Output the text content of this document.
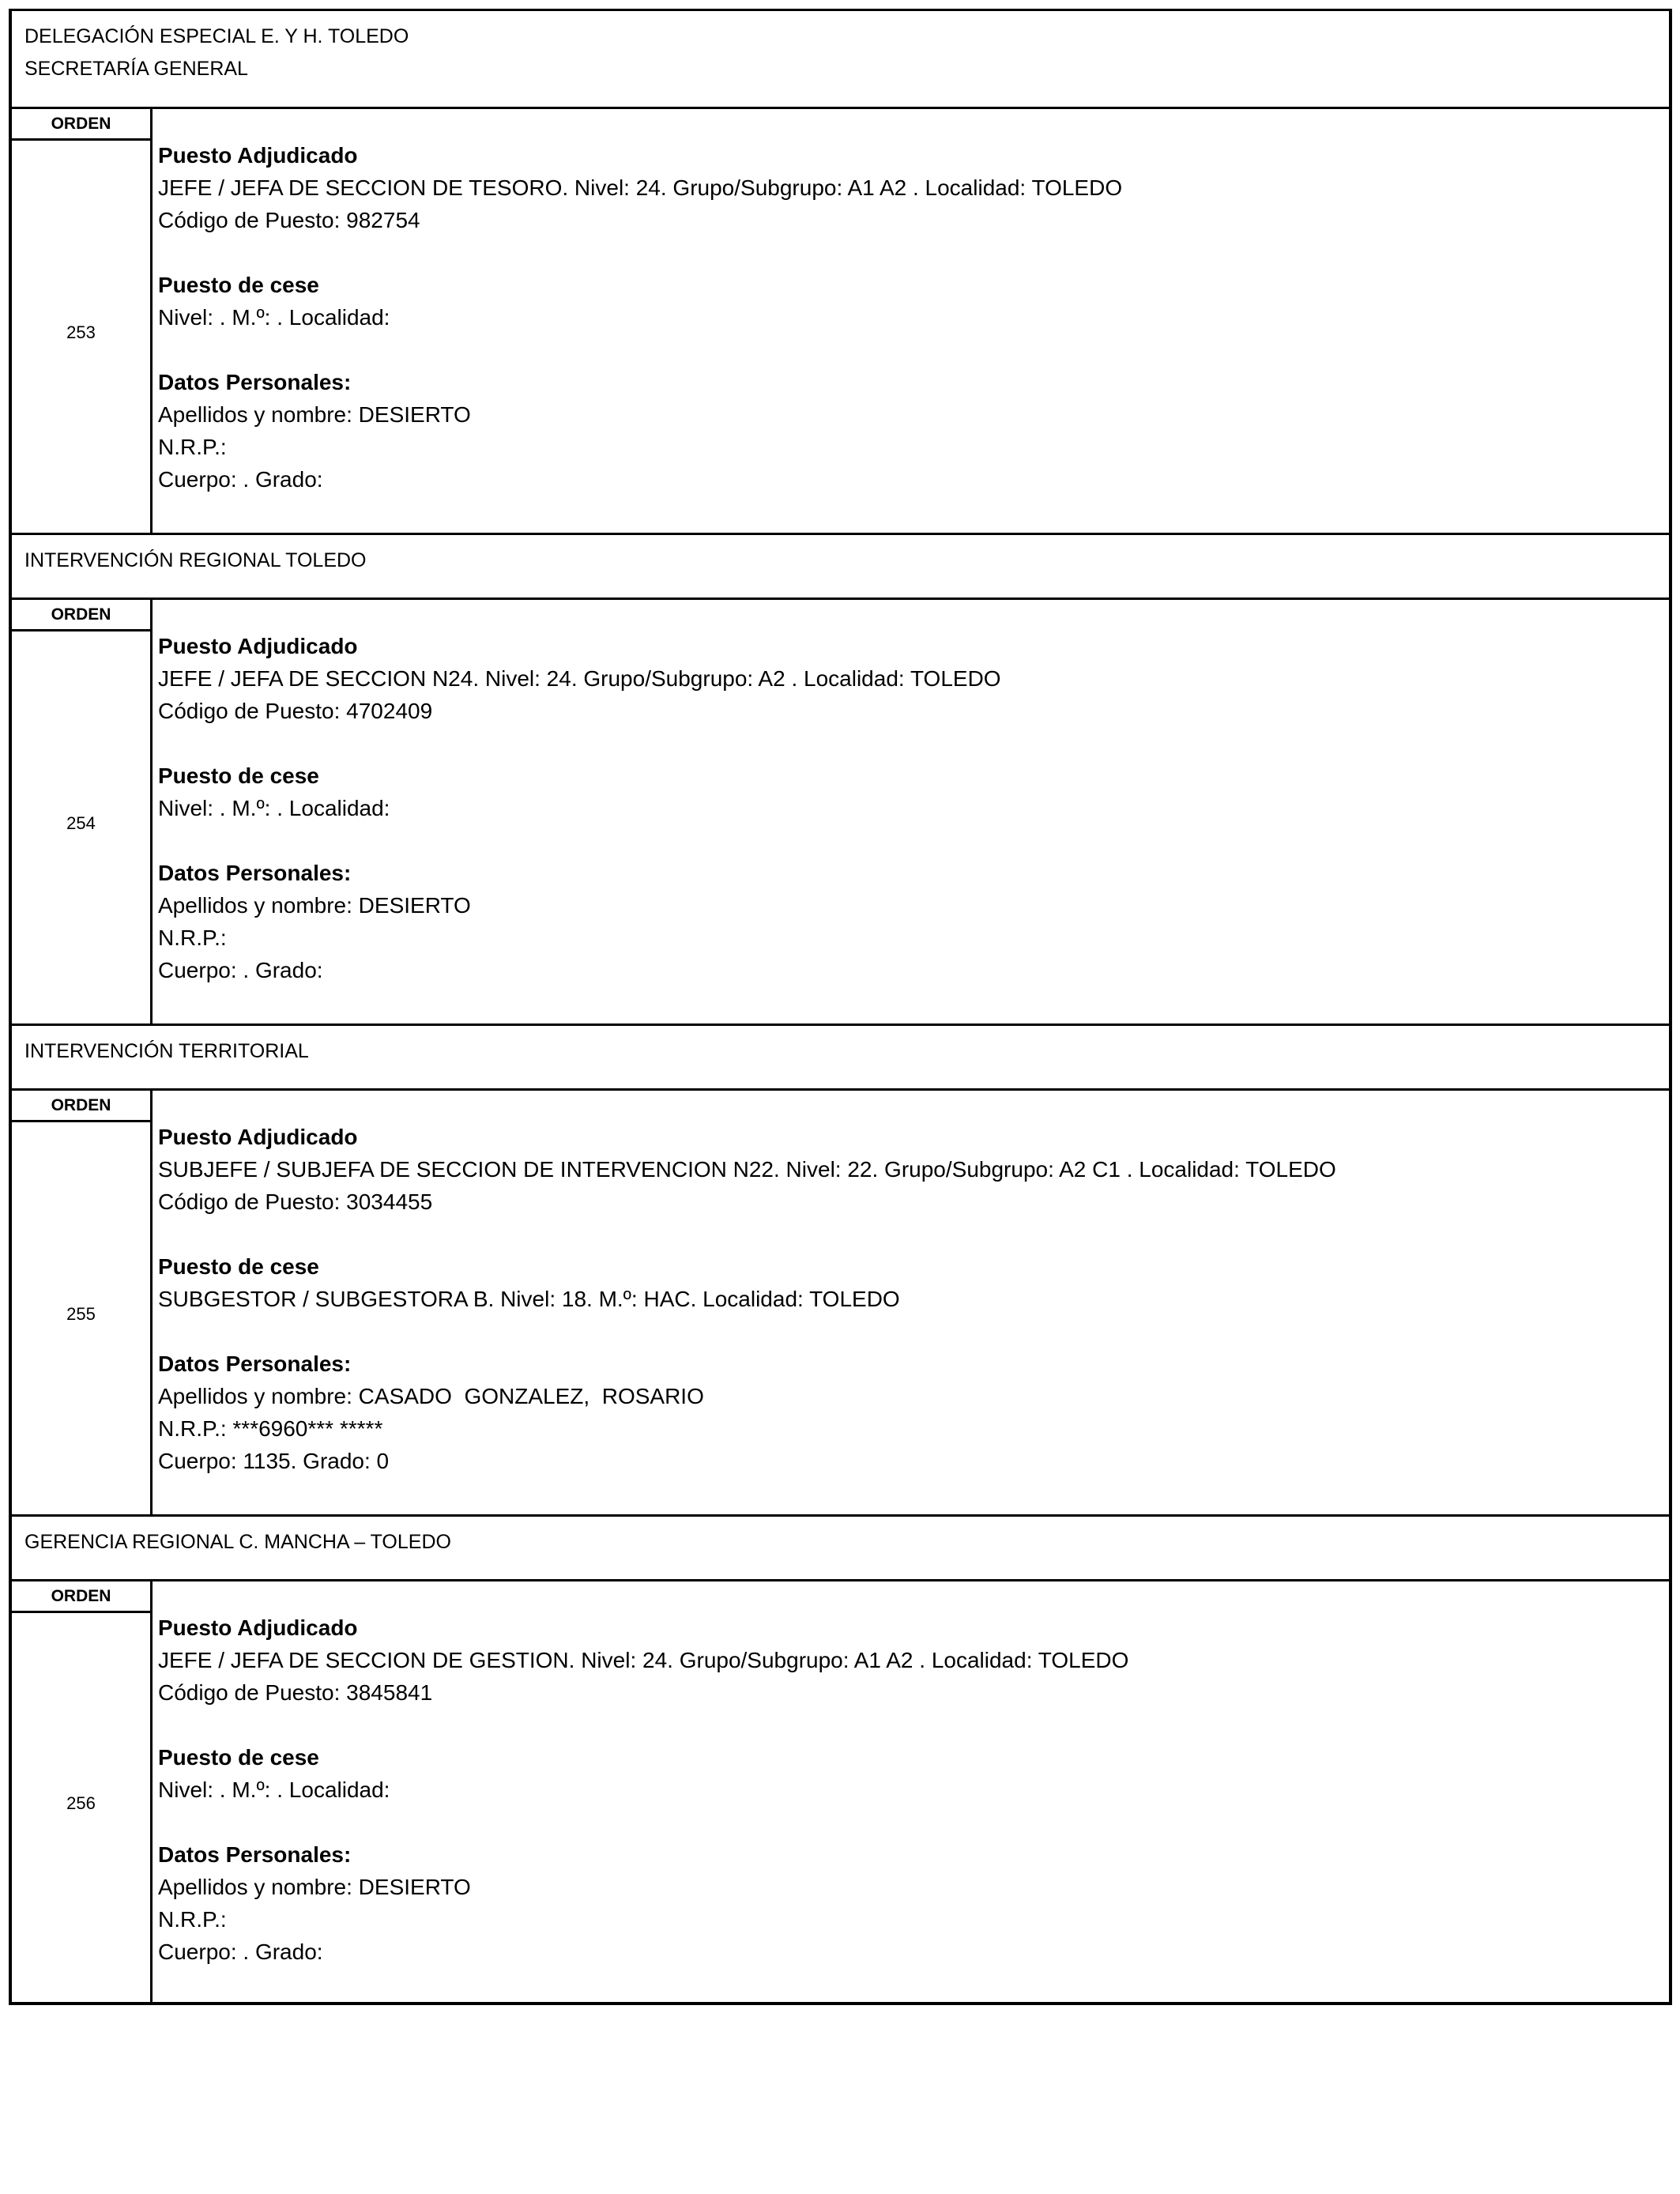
DELEGACIÓN ESPECIAL E. Y H. TOLEDO
SECRETARÍA GENERAL
ORDEN
253
Puesto Adjudicado
JEFE / JEFA DE SECCION DE TESORO. Nivel: 24. Grupo/Subgrupo: A1 A2 . Localidad: TOLEDO
Código de Puesto: 982754
Puesto de cese
Nivel: . M.º: . Localidad:
Datos Personales:
Apellidos y nombre: DESIERTO
N.R.P.:
Cuerpo: . Grado:
INTERVENCIÓN REGIONAL TOLEDO
ORDEN
254
Puesto Adjudicado
JEFE / JEFA DE SECCION N24. Nivel: 24. Grupo/Subgrupo: A2 . Localidad: TOLEDO
Código de Puesto: 4702409
Puesto de cese
Nivel: . M.º: . Localidad:
Datos Personales:
Apellidos y nombre: DESIERTO
N.R.P.:
Cuerpo: . Grado:
INTERVENCIÓN TERRITORIAL
ORDEN
255
Puesto Adjudicado
SUBJEFE / SUBJEFA DE SECCION DE INTERVENCION N22. Nivel: 22. Grupo/Subgrupo: A2 C1 . Localidad: TOLEDO
Código de Puesto: 3034455
Puesto de cese
SUBGESTOR / SUBGESTORA B. Nivel: 18. M.º: HAC. Localidad: TOLEDO
Datos Personales:
Apellidos y nombre: CASADO  GONZALEZ,  ROSARIO
N.R.P.: ***6960*** *****
Cuerpo: 1135. Grado: 0
GERENCIA REGIONAL C. MANCHA – TOLEDO
ORDEN
256
Puesto Adjudicado
JEFE / JEFA DE SECCION DE GESTION. Nivel: 24. Grupo/Subgrupo: A1 A2 . Localidad: TOLEDO
Código de Puesto: 3845841
Puesto de cese
Nivel: . M.º: . Localidad:
Datos Personales:
Apellidos y nombre: DESIERTO
N.R.P.:
Cuerpo: . Grado:
